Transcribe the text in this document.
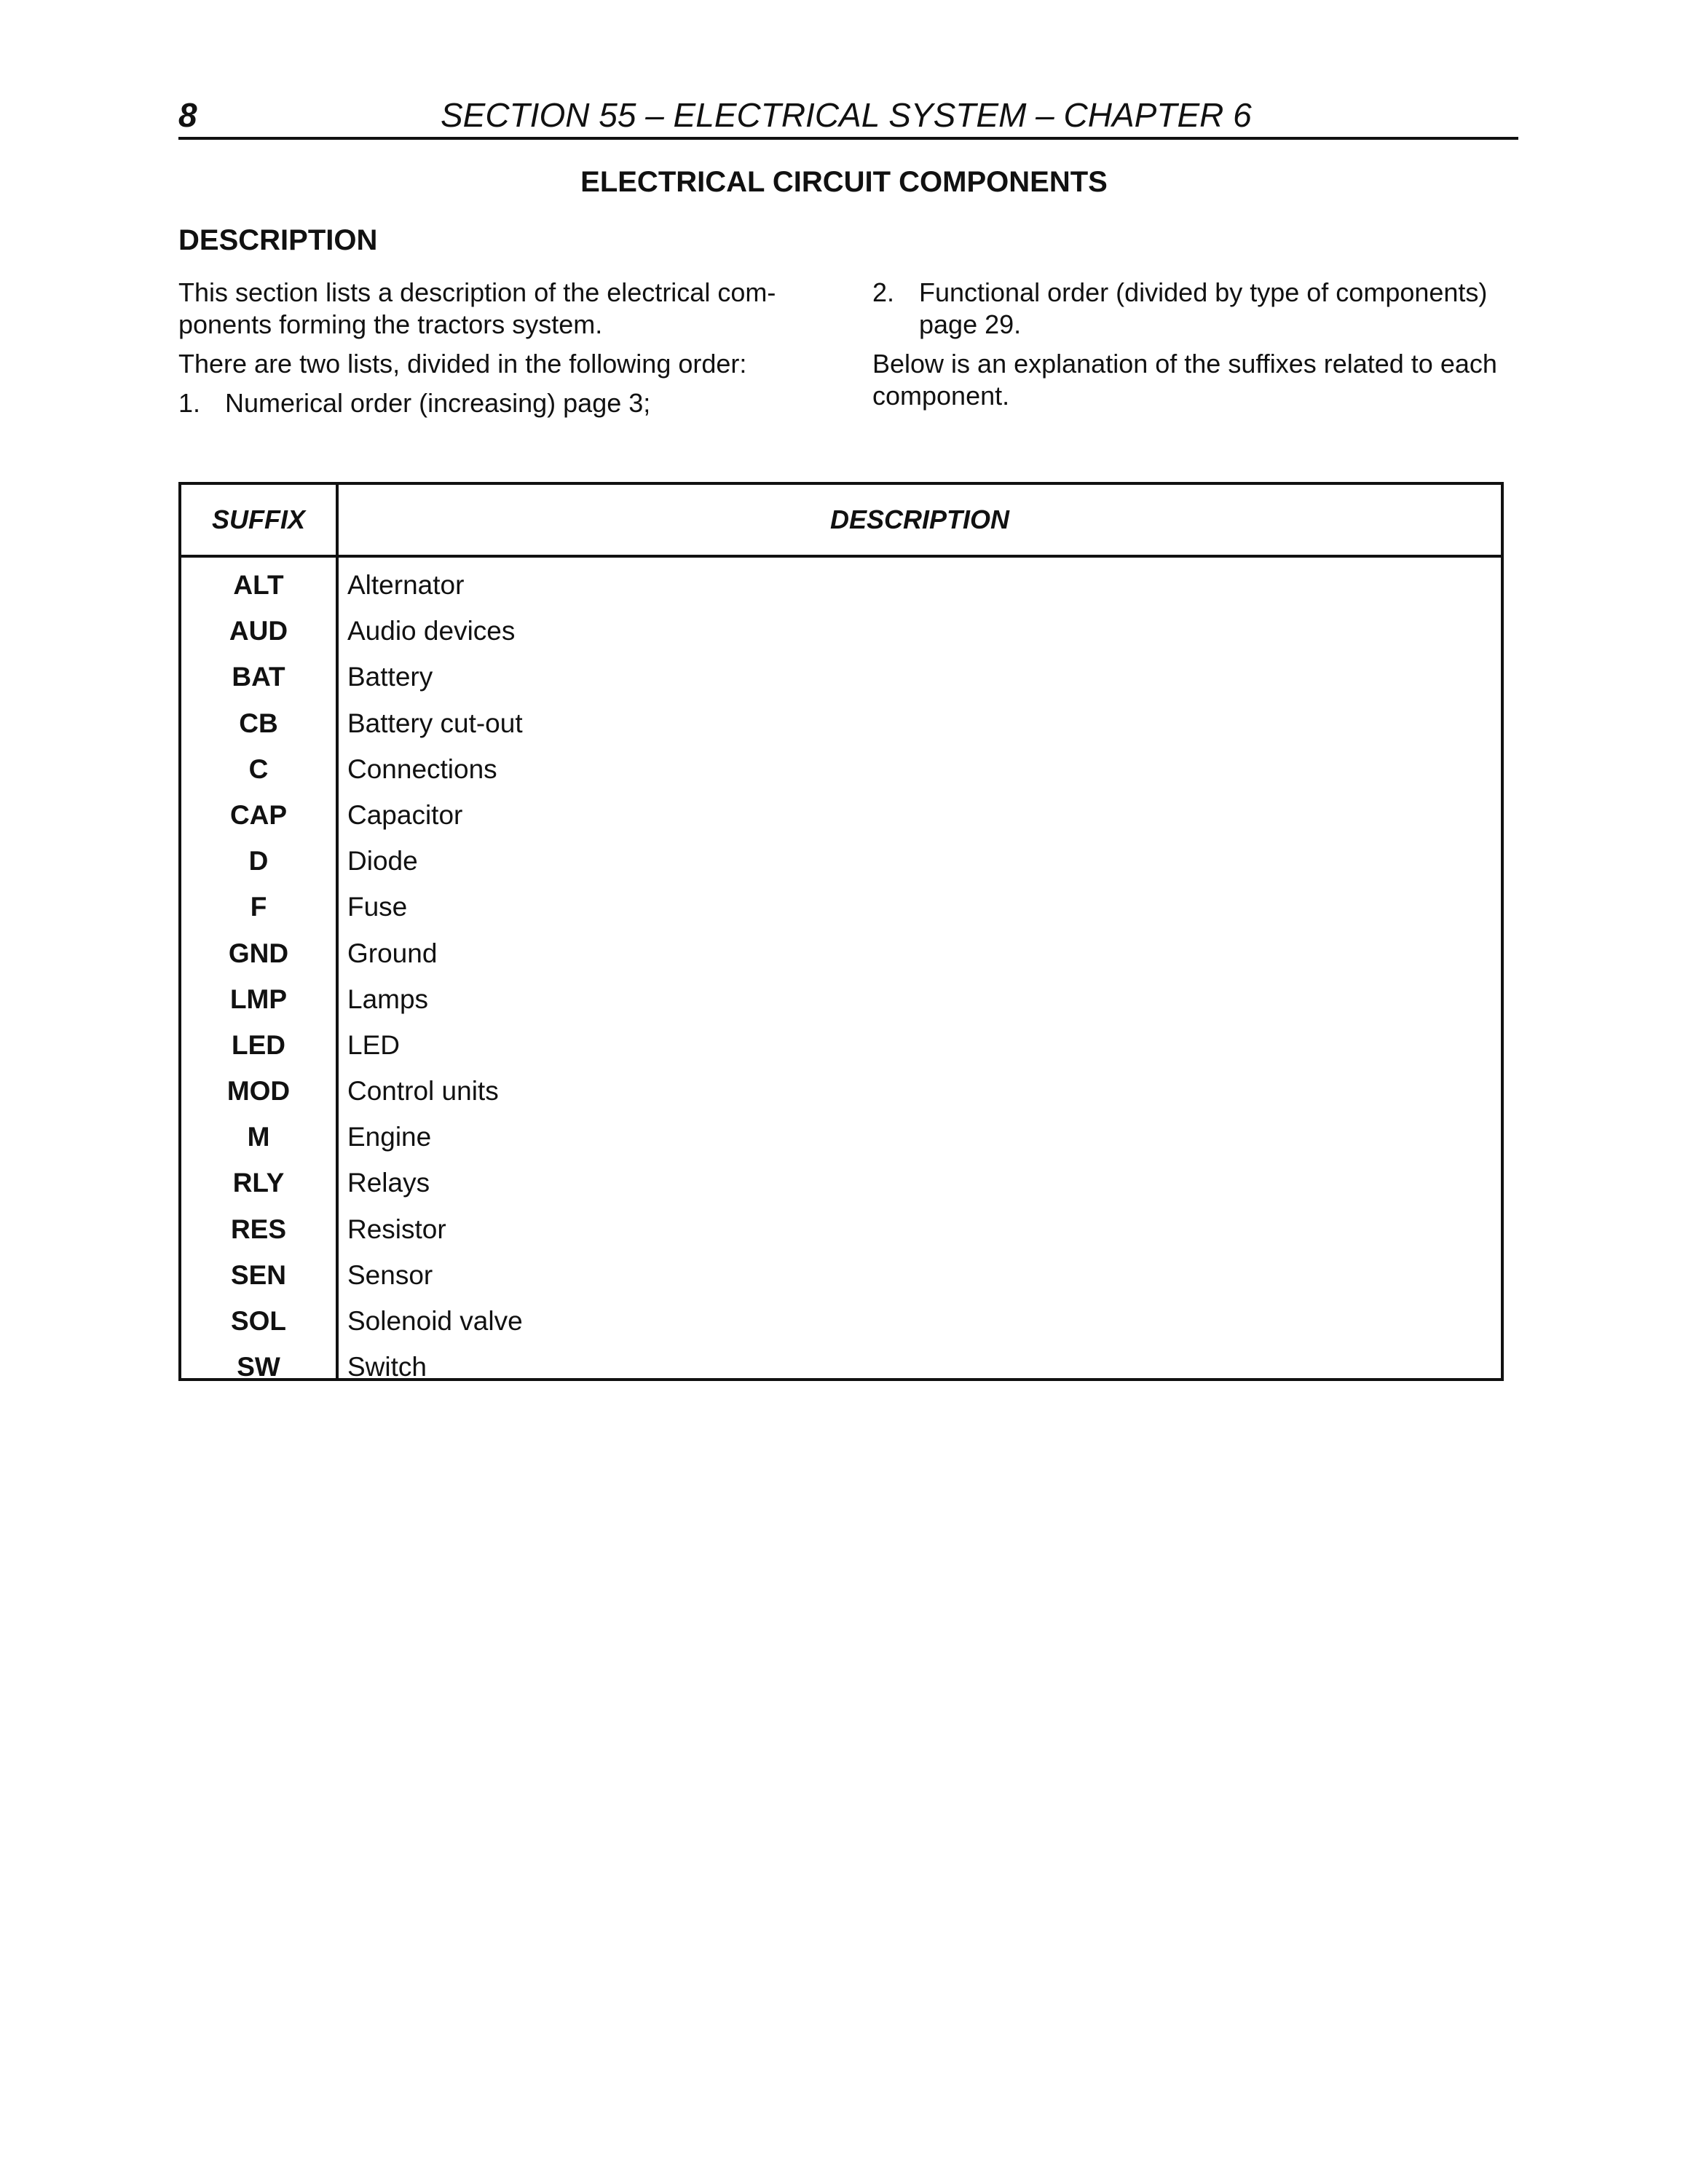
8	SECTION 55 – ELECTRICAL SYSTEM – CHAPTER 6
ELECTRICAL CIRCUIT COMPONENTS
DESCRIPTION

This section lists a description of the electrical com-ponents forming the tractors system.

There are two lists, divided in the following order:

1. Numerical order (increasing) page 3;
2. Functional order (divided by type of components) page 29.

Below is an explanation of the suffixes related to each component.

SUFFIX	DESCRIPTION
ALT	Alternator
AUD	Audio devices
BAT	Battery
CB	Battery cut-out
C	Connections
CAP	Capacitor
D	Diode
F	Fuse
GND	Ground
LMP	Lamps
LED	LED
MOD	Control units
M	Engine
RLY	Relays
RES	Resistor
SEN	Sensor
SOL	Solenoid valve
SW	Switch
